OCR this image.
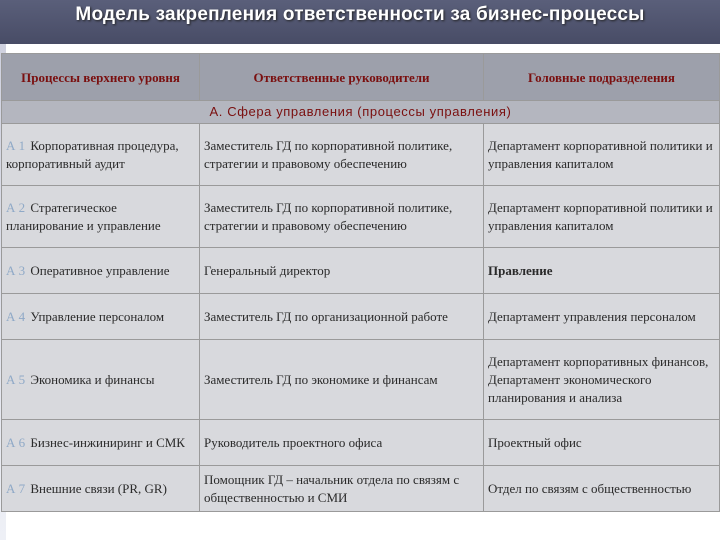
Модель закрепления ответственности за бизнес-процессы
Процессы верхнего уровня	Ответственные руководители	Головные подразделения
А. Сфера управления (процессы управления)		
А 1 Корпоративная процедура, корпоративный аудит	Заместитель ГД по корпоративной политике, стратегии и правовому обеспечению	Департамент корпоративной политики и управления капиталом
А 2 Стратегическое планирование и управление	Заместитель ГД по корпоративной политике, стратегии и правовому обеспечению	Департамент корпоративной политики и управления капиталом
А 3 Оперативное управление	Генеральный директор	Правление
А 4 Управление персоналом	Заместитель ГД по организационной работе	Департамент управления персоналом
А 5 Экономика и финансы	Заместитель ГД по экономике и финансам	Департамент корпоративных финансов, Департамент экономического планирования и анализа
А 6 Бизнес-инжиниринг и СМК	Руководитель проектного офиса	Проектный офис
А 7 Внешние связи (PR, GR)	Помощник ГД – начальник отдела по связям с общественностью и СМИ	Отдел по связям с общественностью
